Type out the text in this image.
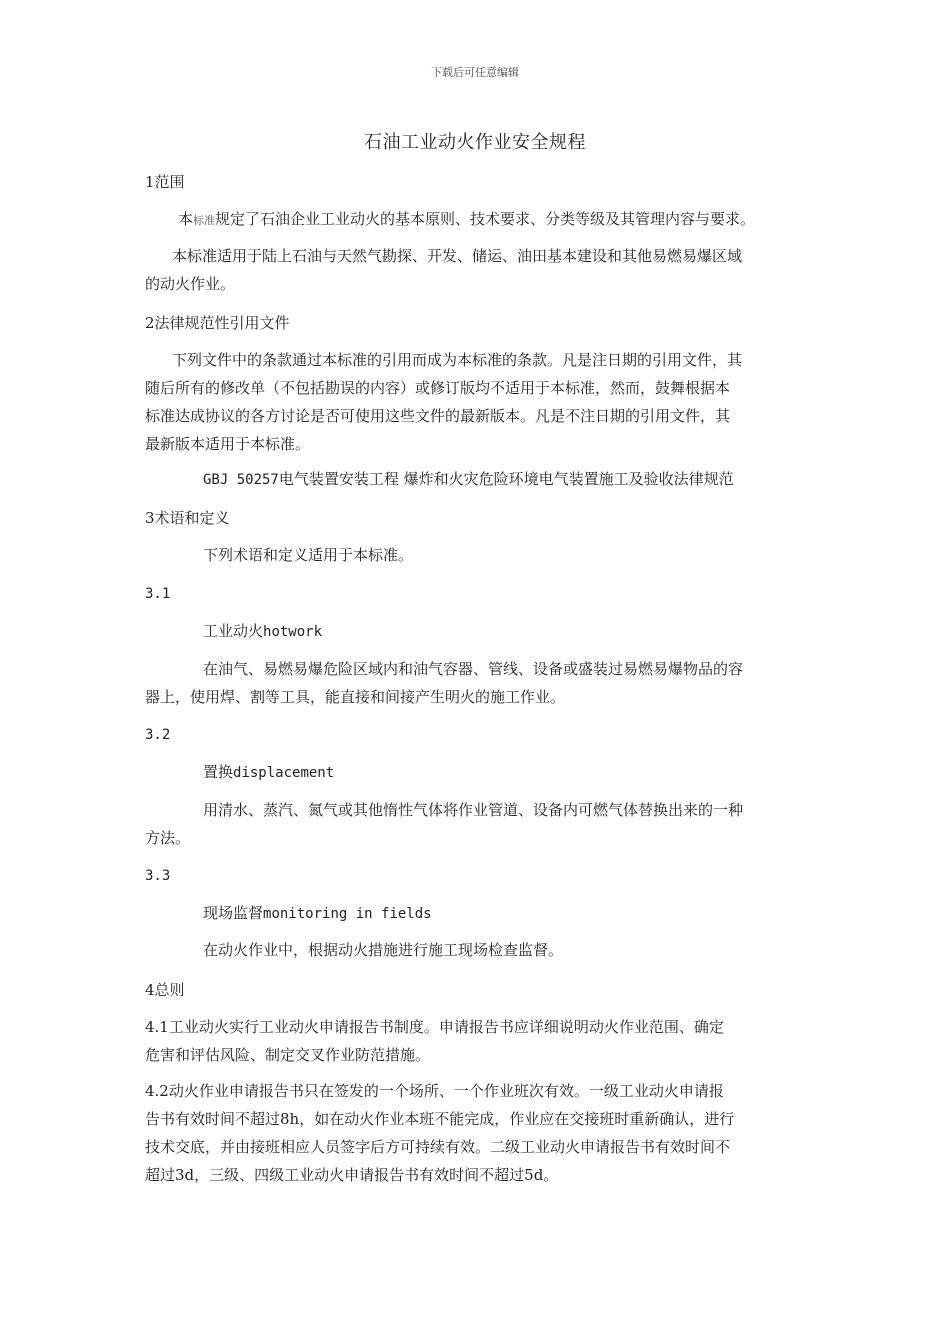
下载后可任意编辑
石油工业动火作业安全规程
1范围
本标准规定了石油企业工业动火的基本原则、技术要求、分类等级及其管理内容与要求。
本标准适用于陆上石油与天然气勘探、开发、储运、油田基本建设和其他易燃易爆区域
的动火作业。
2法律规范性引用文件
下列文件中的条款通过本标准的引用而成为本标准的条款。凡是注日期的引用文件，其
随后所有的修改单（不包括勘误的内容）或修订版均不适用于本标准，然而，鼓舞根据本
标准达成协议的各方讨论是否可使用这些文件的最新版本。凡是不注日期的引用文件，其
最新版本适用于本标准。
GBJ 50257电气装置安装工程 爆炸和火灾危险环境电气装置施工及验收法律规范
3术语和定义
下列术语和定义适用于本标准。
3.1
工业动火hotwork
在油气、易燃易爆危险区域内和油气容器、管线、设备或盛装过易燃易爆物品的容
器上，使用焊、割等工具，能直接和间接产生明火的施工作业。
3.2
置换displacement
用清水、蒸汽、氮气或其他惰性气体将作业管道、设备内可燃气体替换出来的一种
方法。
3.3
现场监督monitoring in fields
在动火作业中，根据动火措施进行施工现场检查监督。
4总则
4.1工业动火实行工业动火申请报告书制度。申请报告书应详细说明动火作业范围、确定
危害和评估风险、制定交叉作业防范措施。
4.2动火作业申请报告书只在签发的一个场所、一个作业班次有效。一级工业动火申请报
告书有效时间不超过8h，如在动火作业本班不能完成，作业应在交接班时重新确认，进行
技术交底，并由接班相应人员签字后方可持续有效。二级工业动火申请报告书有效时间不
超过3d，三级、四级工业动火申请报告书有效时间不超过5d。
